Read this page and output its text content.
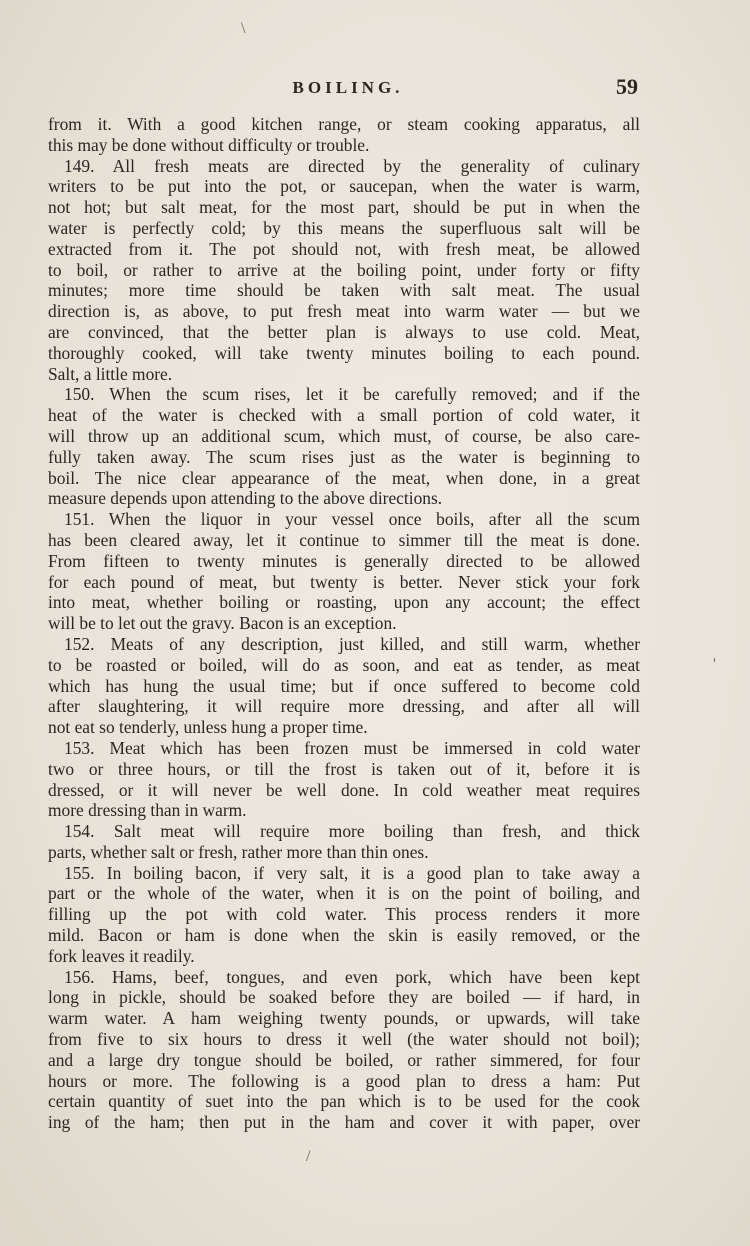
\
'
/
BOILING.	59
from it. With a good kitchen range, or steam cooking apparatus, all
this may be done without difficulty or trouble.
149. All fresh meats are directed by the generality of culinary
writers to be put into the pot, or saucepan, when the water is warm,
not hot; but salt meat, for the most part, should be put in when the
water is perfectly cold; by this means the superfluous salt will be
extracted from it. The pot should not, with fresh meat, be allowed
to boil, or rather to arrive at the boiling point, under forty or fifty
minutes; more time should be taken with salt meat. The usual
direction is, as above, to put fresh meat into warm water — but we
are convinced, that the better plan is always to use cold. Meat,
thoroughly cooked, will take twenty minutes boiling to each pound.
Salt, a little more.
150. When the scum rises, let it be carefully removed; and if the
heat of the water is checked with a small portion of cold water, it
will throw up an additional scum, which must, of course, be also care-
fully taken away. The scum rises just as the water is beginning to
boil. The nice clear appearance of the meat, when done, in a great
measure depends upon attending to the above directions.
151. When the liquor in your vessel once boils, after all the scum
has been cleared away, let it continue to simmer till the meat is done.
From fifteen to twenty minutes is generally directed to be allowed
for each pound of meat, but twenty is better. Never stick your fork
into meat, whether boiling or roasting, upon any account; the effect
will be to let out the gravy. Bacon is an exception.
152. Meats of any description, just killed, and still warm, whether
to be roasted or boiled, will do as soon, and eat as tender, as meat
which has hung the usual time; but if once suffered to become cold
after slaughtering, it will require more dressing, and after all will
not eat so tenderly, unless hung a proper time.
153. Meat which has been frozen must be immersed in cold water
two or three hours, or till the frost is taken out of it, before it is
dressed, or it will never be well done. In cold weather meat requires
more dressing than in warm.
154. Salt meat will require more boiling than fresh, and thick
parts, whether salt or fresh, rather more than thin ones.
155. In boiling bacon, if very salt, it is a good plan to take away a
part or the whole of the water, when it is on the point of boiling, and
filling up the pot with cold water. This process renders it more
mild. Bacon or ham is done when the skin is easily removed, or the
fork leaves it readily.
156. Hams, beef, tongues, and even pork, which have been kept
long in pickle, should be soaked before they are boiled — if hard, in
warm water. A ham weighing twenty pounds, or upwards, will take
from five to six hours to dress it well (the water should not boil);
and a large dry tongue should be boiled, or rather simmered, for four
hours or more. The following is a good plan to dress a ham: Put
certain quantity of suet into the pan which is to be used for the cook
ing of the ham; then put in the ham and cover it with paper, over
